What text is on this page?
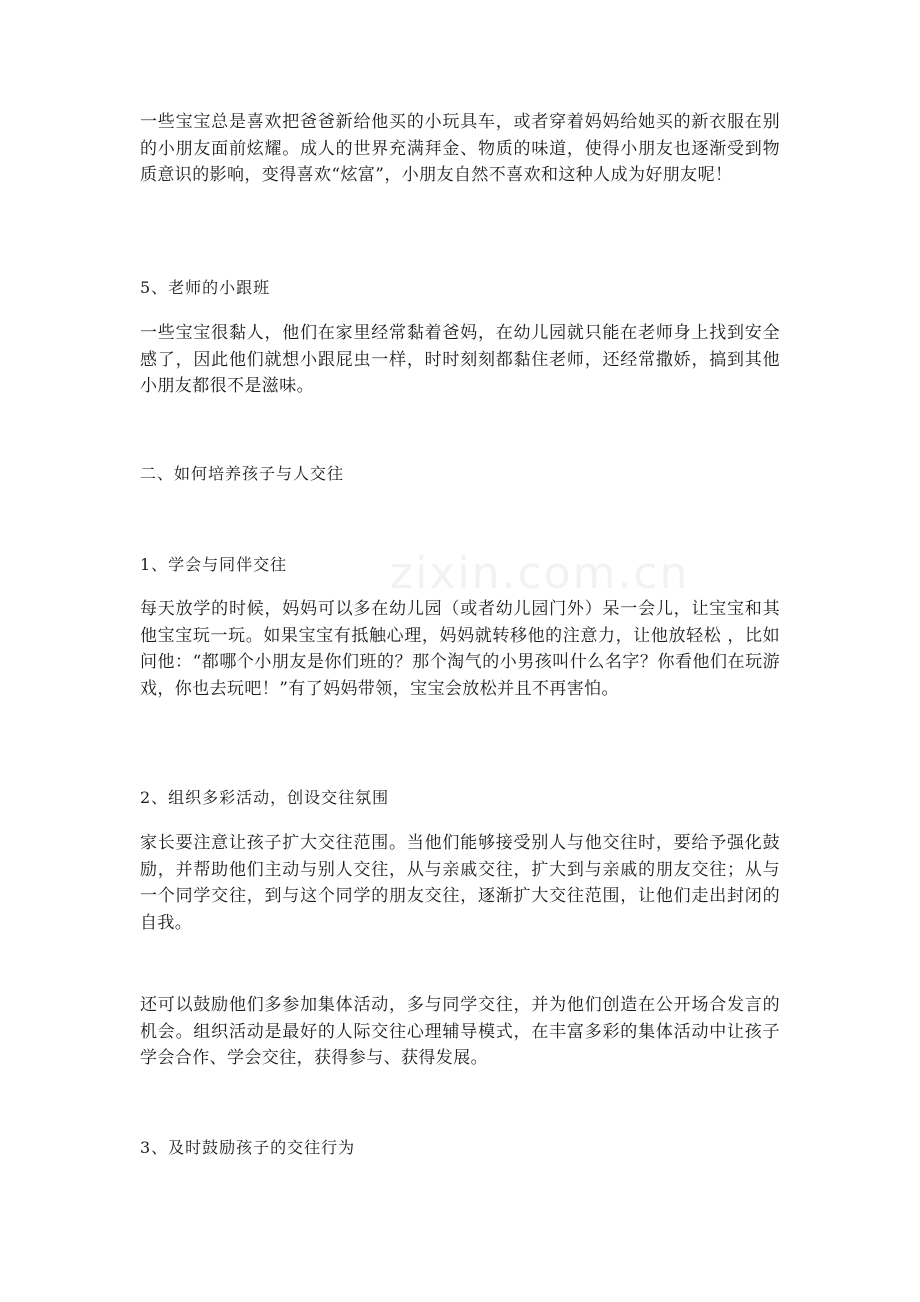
zixin.com.cn

一些宝宝总是喜欢把爸爸新给他买的小玩具车，或者穿着妈妈给她买的新衣服在别的小朋友面前炫耀。成人的世界充满拜金、物质的味道，使得小朋友也逐渐受到物质意识的影响，变得喜欢“炫富”，小朋友自然不喜欢和这种人成为好朋友呢！

5、老师的小跟班

一些宝宝很黏人，他们在家里经常黏着爸妈，在幼儿园就只能在老师身上找到安全感了，因此他们就想小跟屁虫一样，时时刻刻都黏住老师，还经常撒娇，搞到其他小朋友都很不是滋味。

二、如何培养孩子与人交往

1、学会与同伴交往

每天放学的时候，妈妈可以多在幼儿园（或者幼儿园门外）呆一会儿，让宝宝和其他宝宝玩一玩。如果宝宝有抵触心理，妈妈就转移他的注意力，让他放轻松 ，比如问他：“都哪个小朋友是你们班的？那个淘气的小男孩叫什么名字？你看他们在玩游戏，你也去玩吧！”有了妈妈带领，宝宝会放松并且不再害怕。

2、组织多彩活动，创设交往氛围

家长要注意让孩子扩大交往范围。当他们能够接受别人与他交往时，要给予强化鼓励，并帮助他们主动与别人交往，从与亲戚交往，扩大到与亲戚的朋友交往；从与一个同学交往，到与这个同学的朋友交往，逐渐扩大交往范围，让他们走出封闭的自我。

还可以鼓励他们多参加集体活动，多与同学交往，并为他们创造在公开场合发言的机会。组织活动是最好的人际交往心理辅导模式，在丰富多彩的集体活动中让孩子学会合作、学会交往，获得参与、获得发展。

3、及时鼓励孩子的交往行为
